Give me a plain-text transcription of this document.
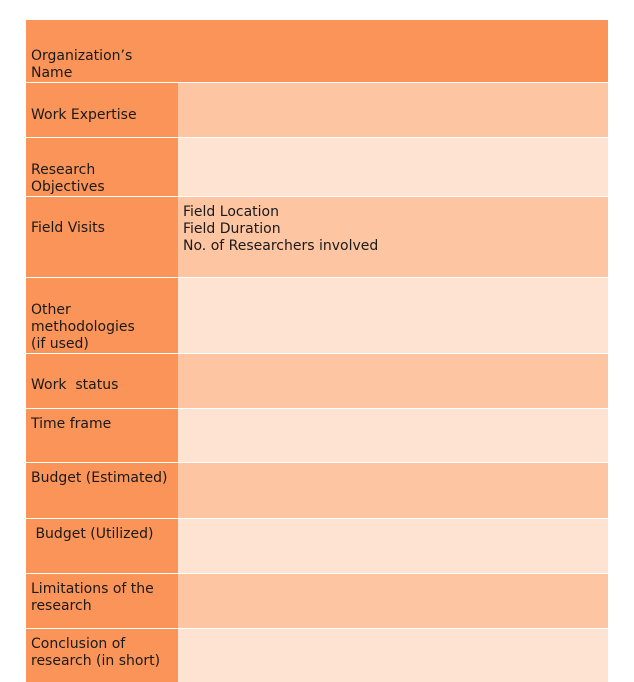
Organization’s Name	

Work Expertise	

Research Objectives	

Field Visits	Field Location
Field Duration
No. of Researchers involved

Other methodologies
(if used)	

Work  status	

Time frame	

Budget (Estimated)	

Budget (Utilized)	

Limitations of the
research	

Conclusion of
research (in short)	
